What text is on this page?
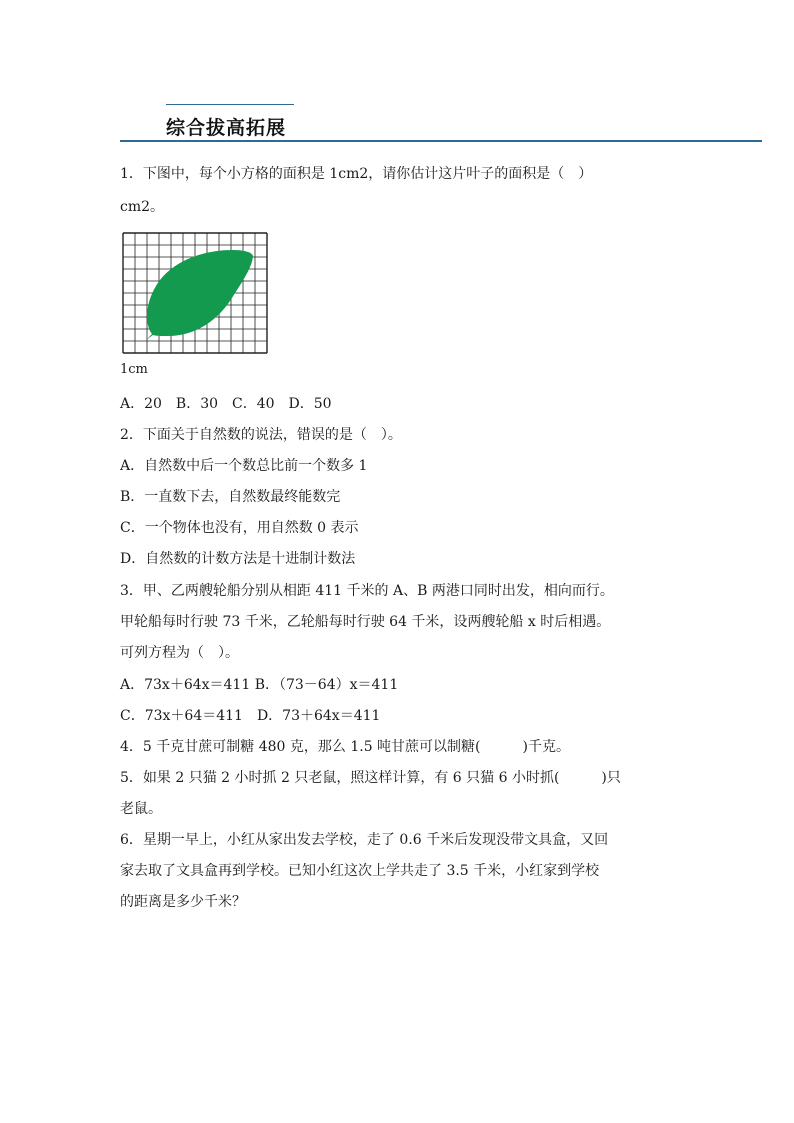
综合拔高拓展
1．下图中，每个小方格的面积是 1cm2，请你估计这片叶子的面积是（　）
cm2。
1cm
A．20　B．30　C．40　D．50
2．下面关于自然数的说法，错误的是（　）。
A．自然数中后一个数总比前一个数多 1
B．一直数下去，自然数最终能数完
C．一个物体也没有，用自然数 0 表示
D．自然数的计数方法是十进制计数法
3．甲、乙两艘轮船分别从相距 411 千米的 A、B 两港口同时出发，相向而行。
甲轮船每时行驶 73 千米，乙轮船每时行驶 64 千米，设两艘轮船 x 时后相遇。
可列方程为（　）。
A．73x＋64x＝411 B．（73－64）x＝411
C．73x＋64＝411　D．73＋64x＝411
4．5 千克甘蔗可制糖 480 克，那么 1.5 吨甘蔗可以制糖(　　　)千克。
5．如果 2 只猫 2 小时抓 2 只老鼠，照这样计算，有 6 只猫 6 小时抓(　　　)只
老鼠。
6．星期一早上，小红从家出发去学校，走了 0.6 千米后发现没带文具盒，又回
家去取了文具盒再到学校。已知小红这次上学共走了 3.5 千米，小红家到学校
的距离是多少千米？
